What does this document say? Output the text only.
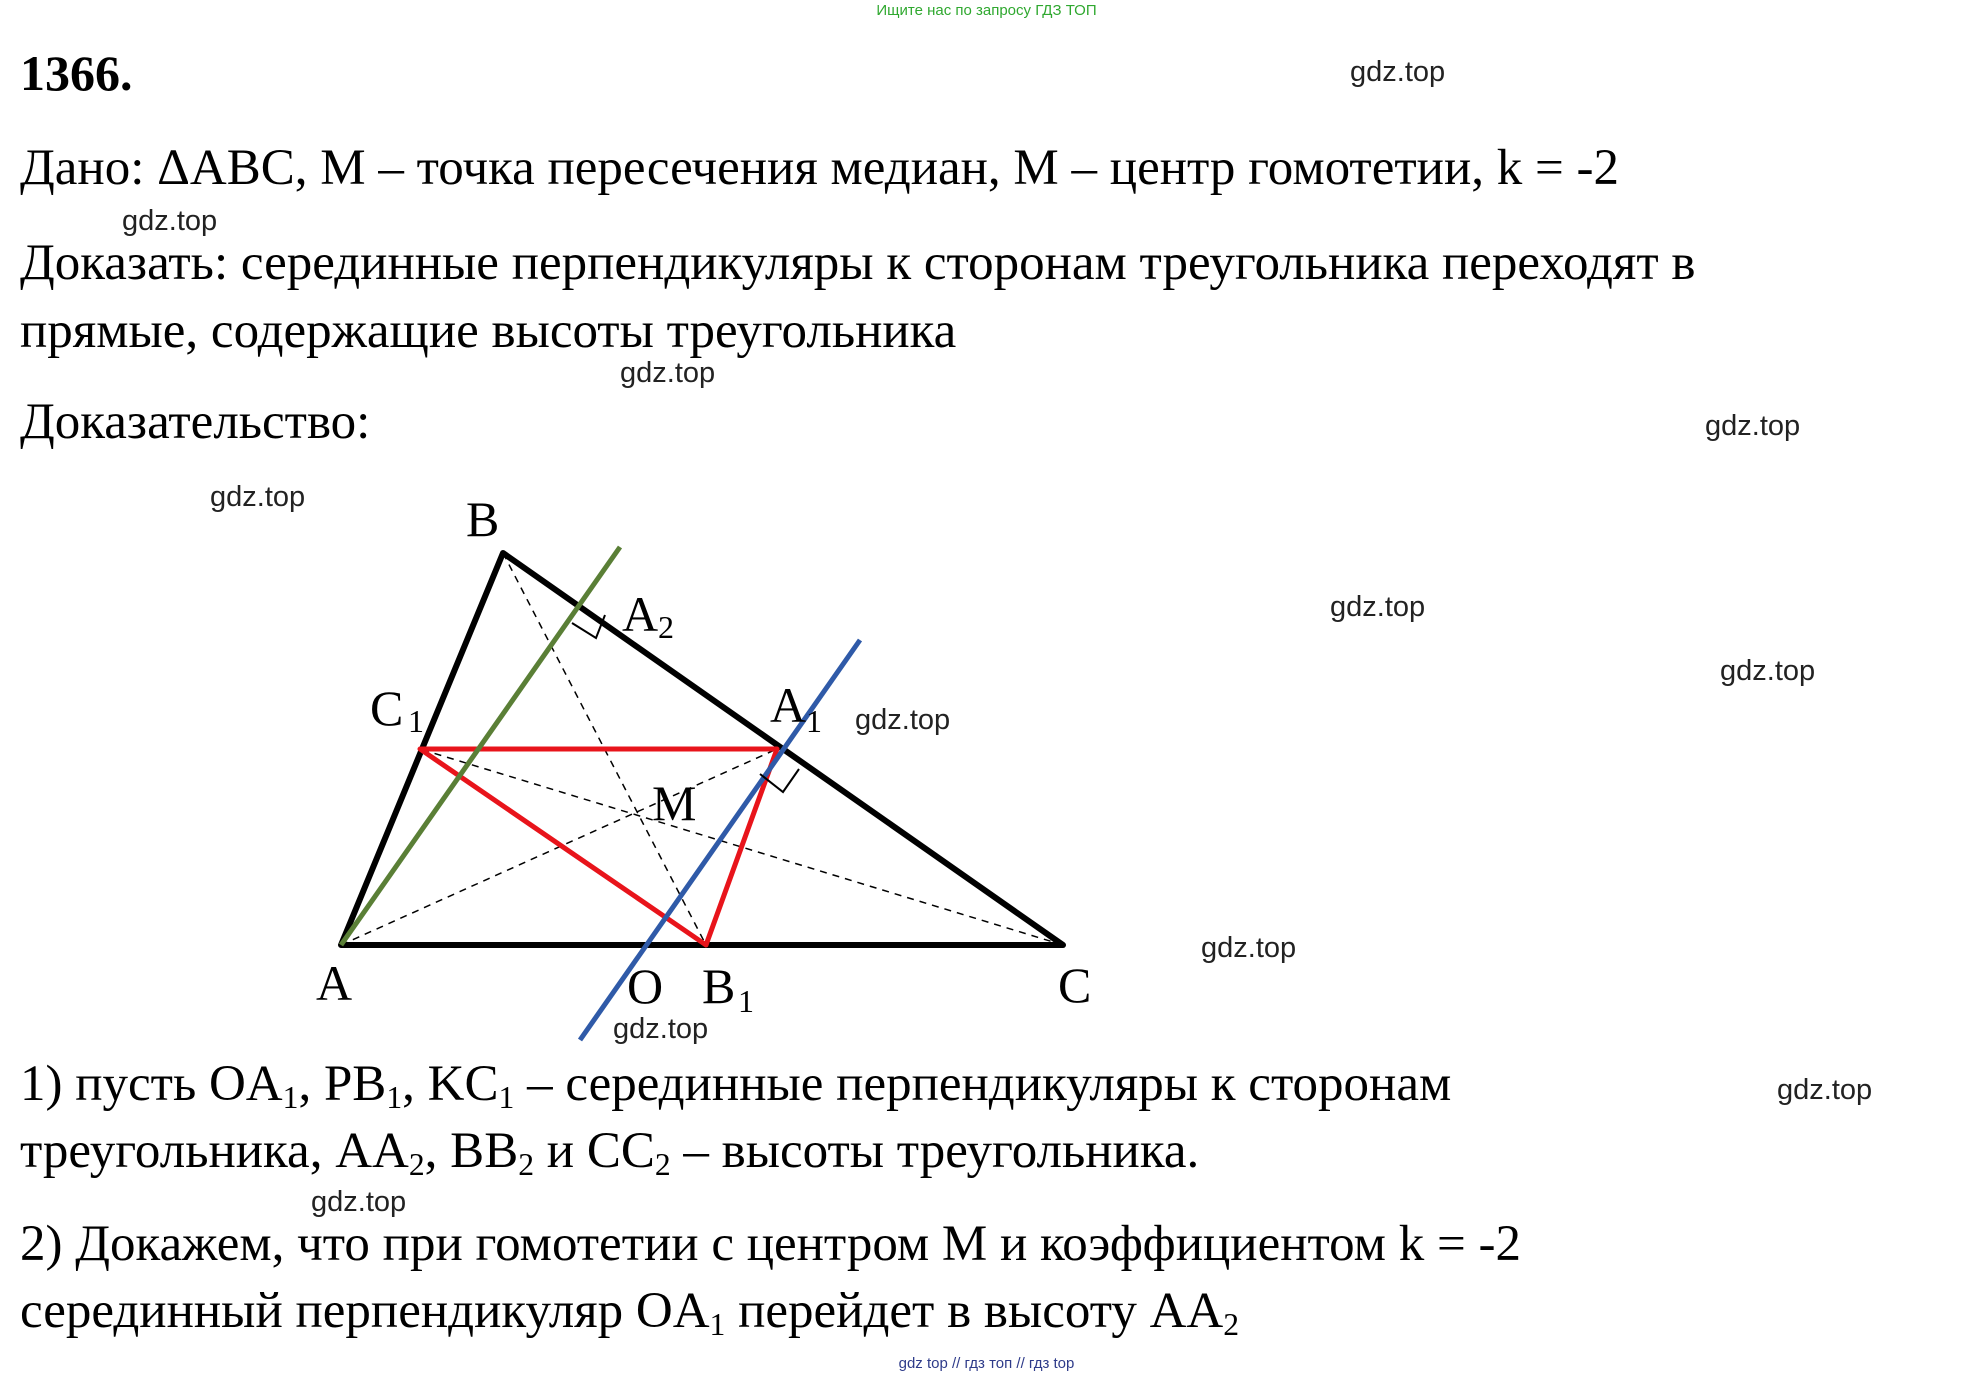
Ищите нас по запросу ГДЗ ТОП
gdz top // гдз топ // гдз top
1366.
Дано: ΔABC, M – точка пересечения медиан, M – центр гомотетии, k = -2
Доказать: серединные перпендикуляры к сторонам треугольника переходят в
прямые, содержащие высоты треугольника
Доказательство:
B
A	C
M
O
A 2
A 1
C 1
B 1
1) пусть $OA_1$, $PB_1$, $KC_1$ – серединные перпендикуляры к сторонам
треугольника, $AA_2$, $BB_2$ и $CC_2$ – высоты треугольника.
2) Докажем, что при гомотетии с центром M и коэффициентом k = -2
серединный перпендикуляр $OA_1$ перейдет в высоту $AA_2$
gdz.top
gdz.top
gdz.top
gdz.top
gdz.top
gdz.top
gdz.top
gdz.top
gdz.top
gdz.top
gdz.top
gdz.top
